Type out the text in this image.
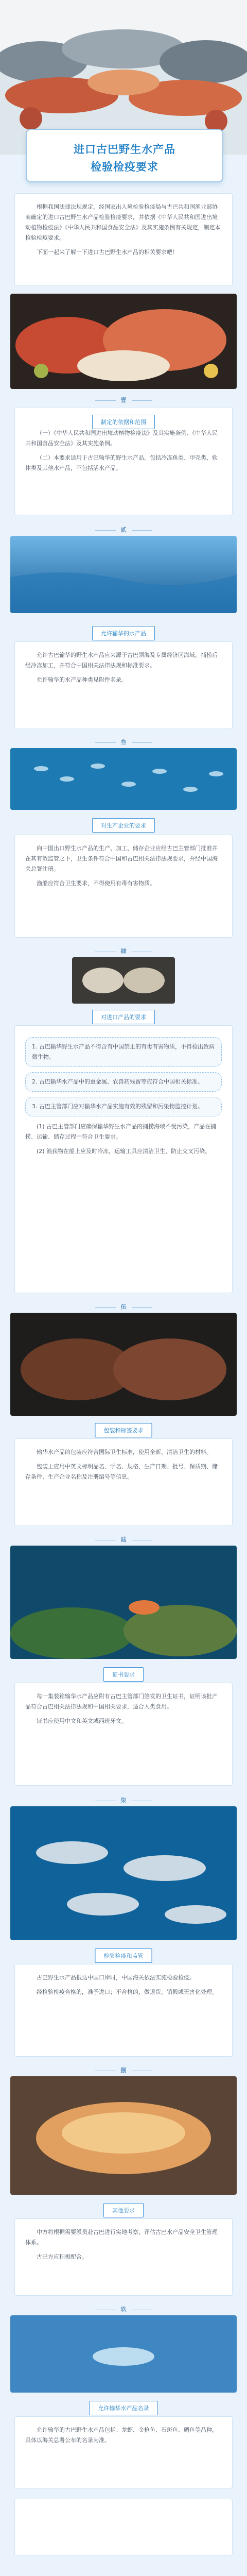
进口古巴野生水产品
检验检疫要求

根据我国法律法规规定，经国家出入境检验检疫局与古巴共和国渔业部协商确定的进口古巴野生水产品检验检疫要求，并依据《中华人民共和国进出境动植物检疫法》《中华人民共和国食品安全法》及其实施条例有关规定，制定本检验检疫要求。

下面一起来了解一下进口古巴野生水产品的相关要求吧！

壹

（一）《中华人民共和国进出境动植物检疫法》及其实施条例、《中华人民共和国食品安全法》及其实施条例。

（二）本要求适用于古巴输华的野生水产品，包括冷冻鱼类、甲壳类、软体类及其他水产品，不包括活水产品。

制定的依据和范围
贰
允许输华的水产品

允许古巴输华的野生水产品应来源于古巴领海及专属经济区海域，捕捞后经冷冻加工，并符合中国相关法律法规和标准要求。

允许输华的水产品种类见附件名录。

叁
对生产企业的要求

向中国出口野生水产品的生产、加工、储存企业应经古巴主管部门批准并在其有效监管之下，卫生条件符合中国和古巴相关法律法规要求，并经中国海关总署注册。

渔船应符合卫生要求，不得使用有毒有害物质。

肆
对进口产品的要求
1. 古巴输华野生水产品不得含有中国禁止的有毒有害物质，不得检出致病微生物。
2. 古巴输华水产品中的重金属、农兽药残留等应符合中国相关标准。
3. 古巴主管部门应对输华水产品实施有效的残留和污染物监控计划。

(1) 古巴主管部门应确保输华野生水产品的捕捞海域不受污染，产品在捕捞、运输、储存过程中符合卫生要求。

(2) 渔获物在船上应及时冷冻，运输工具应清洁卫生，防止交叉污染。

伍
包装和标签要求

输华水产品的包装应符合国际卫生标准，使用全新、清洁卫生的材料。

包装上应用中英文标明品名、学名、规格、生产日期、批号、保质期、储存条件、生产企业名称及注册编号等信息。

陆
证书要求

每一集装箱输华水产品应附有古巴主管部门签发的卫生证书，证明该批产品符合古巴相关法律法规和中国相关要求，适合人类食用。

证书应使用中文和英文或西班牙文。

柒
检验检疫和监管

古巴野生水产品抵达中国口岸时，中国海关依法实施检验检疫。

经检验检疫合格的，准予进口；不合格的，做退货、销毁或无害化处理。

捌
其他要求

中方将根据需要派员赴古巴进行实地考察，评估古巴水产品安全卫生管理体系。

古巴方应积极配合。

玖
允许输华水产品名录

允许输华的古巴野生水产品包括：龙虾、金枪鱼、石斑鱼、鲷鱼等品种，具体以海关总署公布的名录为准。
